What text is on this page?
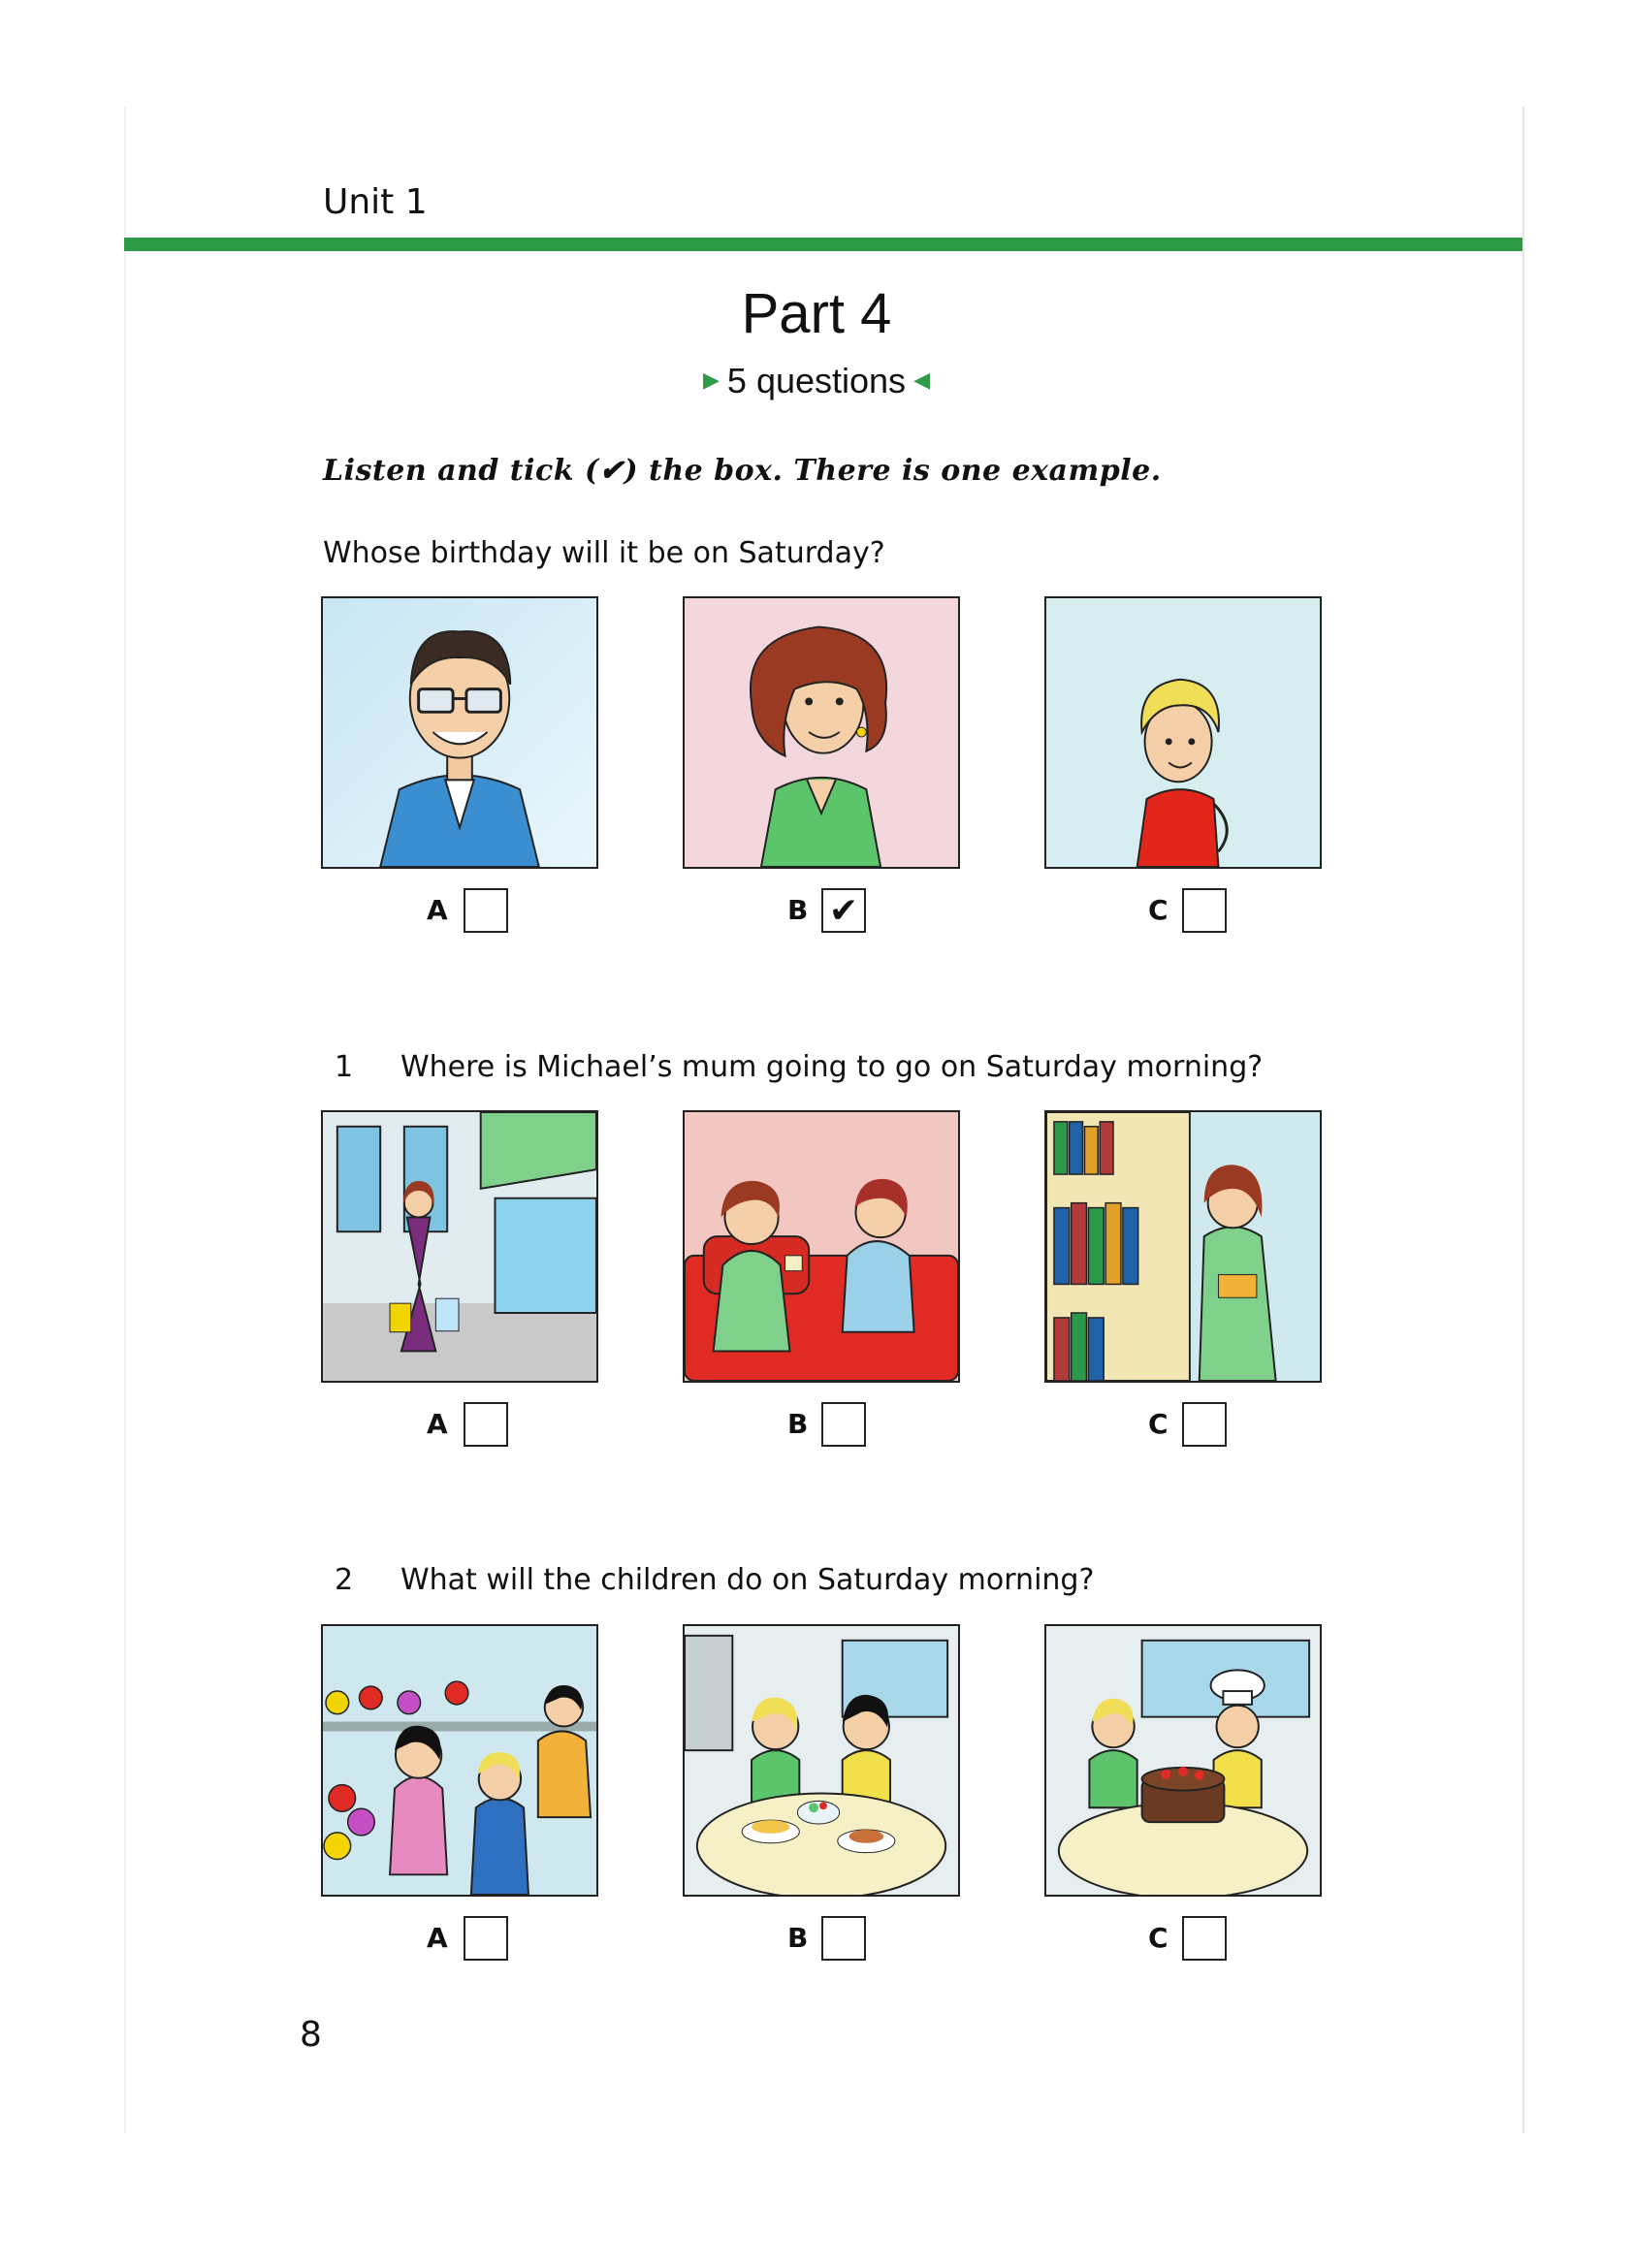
Unit 1
Part 4
▶ 5 questions ◀
Listen and tick (✔) the box. There is one example.
Whose birthday will it be on Saturday?
A	B ✔	C
1 Where is Michael’s mum going to go on Saturday morning?
A	B	C
2 What will the children do on Saturday morning?
A	B	C
8
